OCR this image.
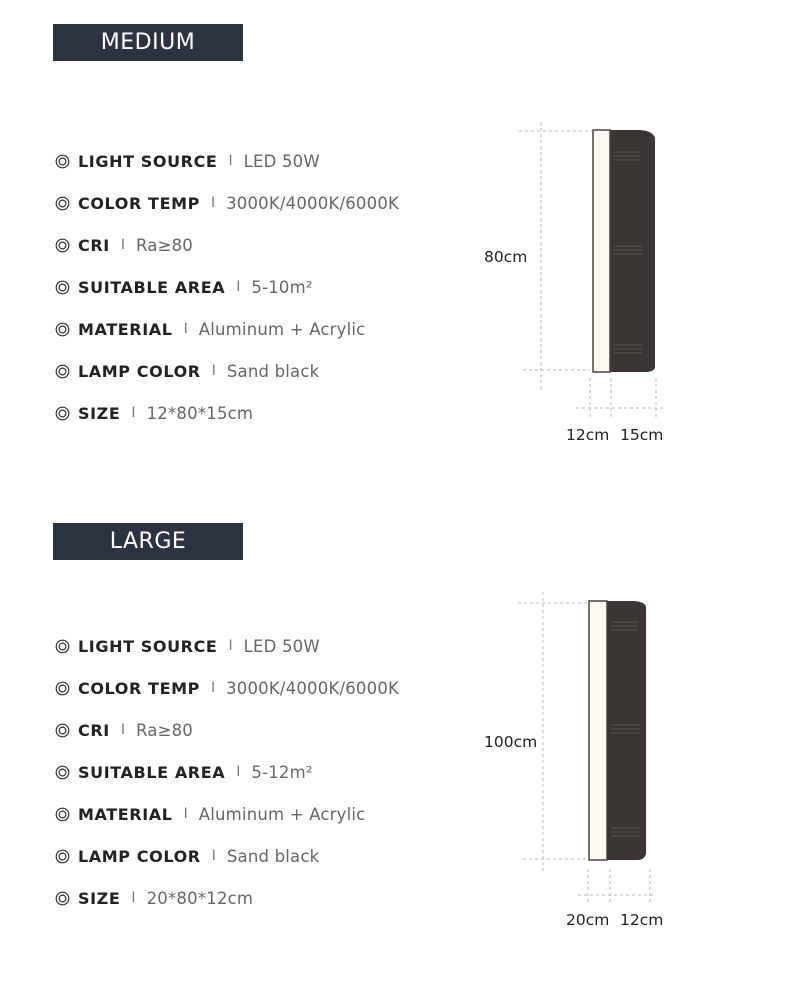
MEDIUM
LIGHT SOURCE I LED 50W
COLOR TEMP I 3000K/4000K/6000K
CRI I Ra≥80
SUITABLE AREA I 5-10m²
MATERIAL I Aluminum + Acrylic
LAMP COLOR I Sand black
SIZE I 12*80*15cm
80cm
12cm 15cm
LARGE
LIGHT SOURCE I LED 50W
COLOR TEMP I 3000K/4000K/6000K
CRI I Ra≥80
SUITABLE AREA I 5-12m²
MATERIAL I Aluminum + Acrylic
LAMP COLOR I Sand black
SIZE I 20*80*12cm
100cm
20cm 12cm
